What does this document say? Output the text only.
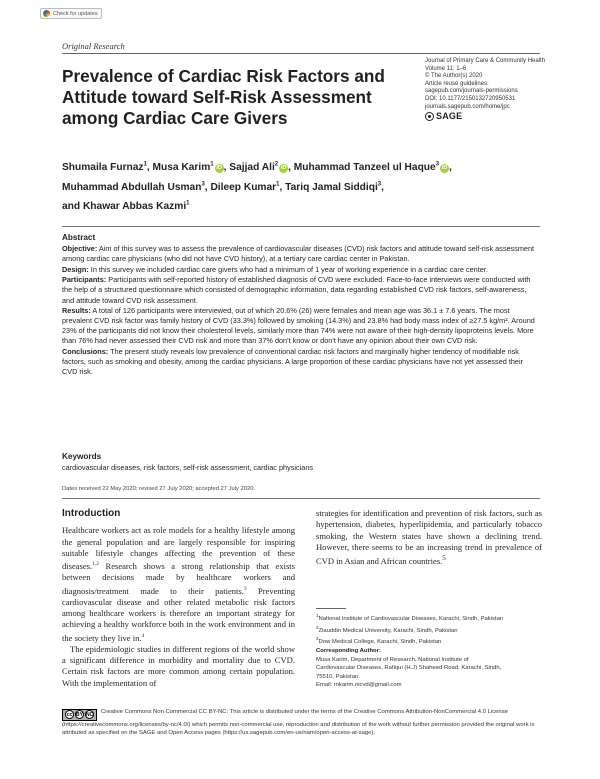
Check for updates
Original Research
Prevalence of Cardiac Risk Factors and Attitude toward Self-Risk Assessment among Cardiac Care Givers
Journal of Primary Care & Community Health
Volume 11: 1–6
© The Author(s) 2020
Article reuse guidelines:
sagepub.com/journals-permissions
DOI: 10.1177/2150132720950531
journals.sagepub.com/home/jpc
SAGE
Shumaila Furnaz$^1$, Musa Karim$^1$iD , Sajjad Ali$^2$iD , Muhammad Tanzeel ul Haque$^3$iD ,
Muhammad Abdullah Usman$^3$, Dileep Kumar$^1$, Tariq Jamal Siddiqi$^3$,
and Khawar Abbas Kazmi$^1$
Abstract

Objective: Aim of this survey was to assess the prevalence of cardiovascular diseases (CVD) risk factors and attitude toward self-risk assessment among cardiac care physicians (who did not have CVD history), at a tertiary care cardiac center in Pakistan.

Design: In this survey we included cardiac care givers who had a minimum of 1 year of working experience in a cardiac care center.

Participants: Participants with self-reported history of established diagnosis of CVD were excluded. Face-to-face interviews were conducted with the help of a structured questionnaire which consisted of demographic information, data regarding established CVD risk factors, self-awareness, and attitude toward CVD risk assessment.

Results: A total of 126 participants were interviewed, out of which 20.6% (26) were females and mean age was 36.1 ± 7.6 years. The most prevalent CVD risk factor was family history of CVD (33.3%) followed by smoking (14.3%) and 23.8% had body mass index of ≥27.5 kg/m². Around 23% of the participants did not know their cholesterol levels, similarly more than 74% were not aware of their high-density lipoproteins levels. More than 76% had never assessed their CVD risk and more than 37% don't know or don't have any opinion about their own CVD risk.

Conclusions: The present study reveals low prevalence of conventional cardiac risk factors and marginally higher tendency of modifiable risk factors, such as smoking and obesity, among the cardiac physicians. A large proportion of these cardiac physicians have not yet assessed their CVD risk.

Keywords
cardiovascular diseases, risk factors, self-risk assessment, cardiac physicians
Dates received 22 May 2020; revised 27 July 2020; accepted 27 July 2020.
Introduction

Healthcare workers act as role models for a healthy lifestyle among the general population and are largely responsible for inspiring suitable lifestyle changes affecting the prevention of these diseases.$^{1,2}$ Research shows a strong relationship that exists between decisions made by healthcare workers and diagnosis/treatment made to their patients.$^3$ Preventing cardiovascular disease and other related metabolic risk factors among healthcare workers is therefore an important strategy for achieving a healthy workforce both in the work environment and in the society they live in.$^4$

The epidemiologic studies in different regions of the world show a significant difference in morbidity and mortality due to CVD. Certain risk factors are more common among certain population. With the implementation of

strategies for identification and prevention of risk factors, such as hypertension, diabetes, hyperlipidemia, and particularly tobacco smoking, the Western states have shown a declining trend. However, there seems to be an increasing trend in prevalence of CVD in Asian and African countries.$^5$

$^1$National Institute of Cardiovascular Diseases, Karachi, Sindh, Pakistan
$^2$Ziauddin Medical University, Karachi, Sindh, Pakistan
$^3$Dow Medical College, Karachi, Sindh, Pakistan
Corresponding Author:
Musa Karim, Department of Research, National Institute of
Cardiovascular Diseases, Rafiqui (H.J) Shaheed Road, Karachi, Sindh,
75510, Pakistan.
Email: mkarim.nicvd@gmail.com
cc BY NC Creative Commons Non Commercial CC BY-NC: This article is distributed under the terms of the Creative Commons Attribution-NonCommercial 4.0 License (https://creativecommons.org/licenses/by-nc/4.0/) which permits non-commercial use, reproduction and distribution of the work without further permission provided the original work is attributed as specified on the SAGE and Open Access pages (https://us.sagepub.com/en-us/nam/open-access-at-sage).
